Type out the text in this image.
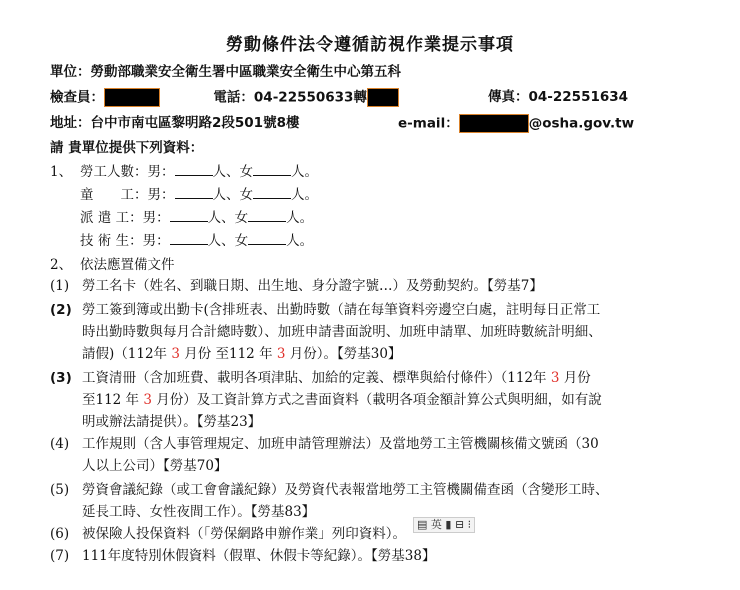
勞動條件法令遵循訪視作業提示事項
單位：勞動部職業安全衛生署中區職業安全衛生中心第五科
檢查員：	電話：04-22550633轉	傳真：04-22551634
地址：台中市南屯區黎明路2段501號8樓	e-mail：	@osha.gov.tw
請 貴單位提供下列資料：
1、 勞工人數：男：	人、女	人。
童　　工：男：	人、女	人。
派 遣 工：男：	人、女	人。
技 術 生：男：	人、女	人。
2、 依法應置備文件
(1) 勞工名卡（姓名、到職日期、出生地、身分證字號…）及勞動契約。【勞基7】
(2) 勞工簽到簿或出勤卡(含排班表、出勤時數（請在每筆資料旁邊空白處，註明每日正常工
時出勤時數與每月合計總時數）、加班申請書面說明、加班申請單、加班時數統計明細、
請假)（112年 3 月份 至112 年 3 月份）。【勞基30】
(3) 工資清冊（含加班費、載明各項津貼、加給的定義、標準與給付條件）（112年 3 月份
至112 年 3 月份）及工資計算方式之書面資料（載明各項金額計算公式與明細，如有說
明或辦法請提供）。【勞基23】
(4) 工作規則（含人事管理規定、加班申請管理辦法）及當地勞工主管機關核備文號函（30
人以上公司）【勞基70】
(5) 勞資會議紀錄（或工會會議紀錄）及勞資代表報當地勞工主管機關備查函（含變形工時、
延長工時、女性夜間工作）。【勞基83】
(6) 被保險人投保資料（「勞保網路申辦作業」列印資料）。
(7) 111年度特別休假資料（假單、休假卡等紀錄）。【勞基38】
▤ 英 ▮ ⊟ ⁝
